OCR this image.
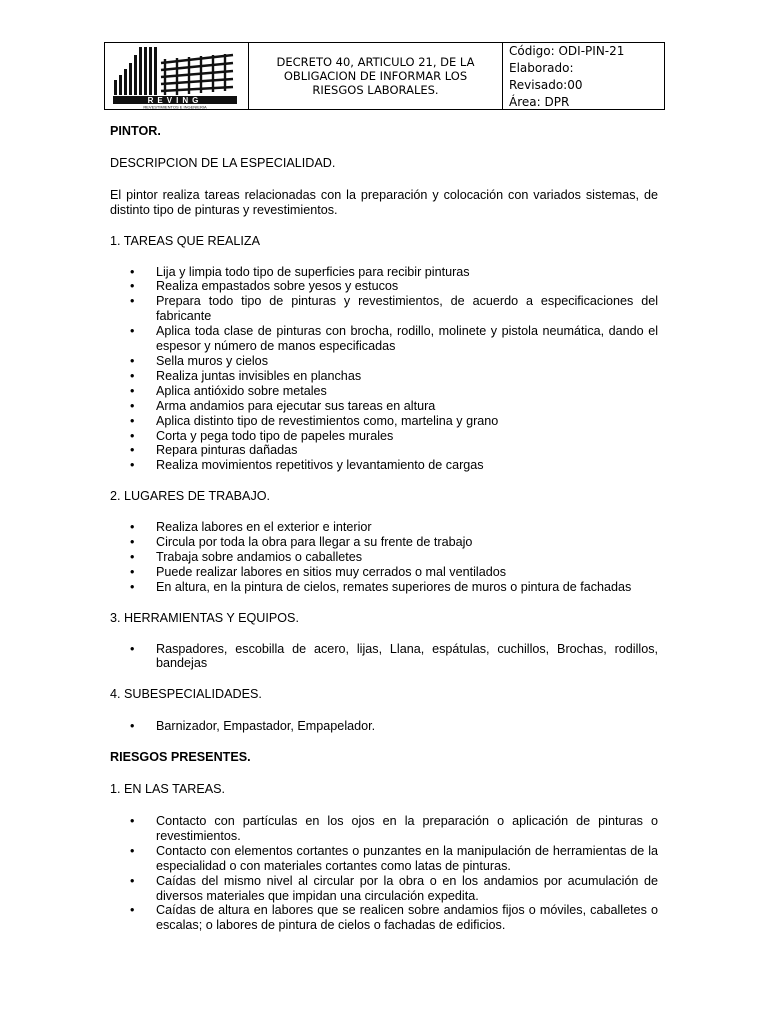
REVING
REVESTIMIENTOS E INGENIERIA
DECRETO 40, ARTICULO 21, DE LA OBLIGACION DE INFORMAR LOS RIESGOS LABORALES.
Código: ODI-PIN-21
Elaborado:
Revisado:00
Área: DPR

PINTOR.

DESCRIPCION DE LA ESPECIALIDAD.

El pintor realiza tareas relacionadas con la preparación y colocación con variados sistemas, de distinto tipo de pinturas y revestimientos.

1. TAREAS QUE REALIZA

• Lija y limpia todo tipo de superficies para recibir pinturas
• Realiza empastados sobre yesos y estucos
• Prepara todo tipo de pinturas y revestimientos, de acuerdo a especificaciones del fabricante
• Aplica toda clase de pinturas con brocha, rodillo, molinete y pistola neumática, dando el espesor y número de manos especificadas
• Sella muros y cielos
• Realiza juntas invisibles en planchas
• Aplica antióxido sobre metales
• Arma andamios para ejecutar sus tareas en altura
• Aplica distinto tipo de revestimientos como, martelina y grano
• Corta y pega todo tipo de papeles murales
• Repara pinturas dañadas
• Realiza movimientos repetitivos y levantamiento de cargas

2. LUGARES DE TRABAJO.

• Realiza labores en el exterior e interior
• Circula por toda la obra para llegar a su frente de trabajo
• Trabaja sobre andamios o caballetes
• Puede realizar labores en sitios muy cerrados o mal ventilados
• En altura, en la pintura de cielos, remates superiores de muros o pintura de fachadas

3. HERRAMIENTAS Y EQUIPOS.

• Raspadores, escobilla de acero, lijas, Llana, espátulas, cuchillos, Brochas, rodillos, bandejas

4. SUBESPECIALIDADES.

• Barnizador, Empastador, Empapelador.

RIESGOS PRESENTES.

1. EN LAS TAREAS.

• Contacto con partículas en los ojos en la preparación o aplicación de pinturas o revestimientos.
• Contacto con elementos cortantes o punzantes en la manipulación de herramientas de la especialidad o con materiales cortantes como latas de pinturas.
• Caídas del mismo nivel al circular por la obra o en los andamios por acumulación de diversos materiales que impidan una circulación expedita.
• Caídas de altura en labores que se realicen sobre andamios fijos o móviles, caballetes o escalas; o labores de pintura de cielos o fachadas de edificios.
